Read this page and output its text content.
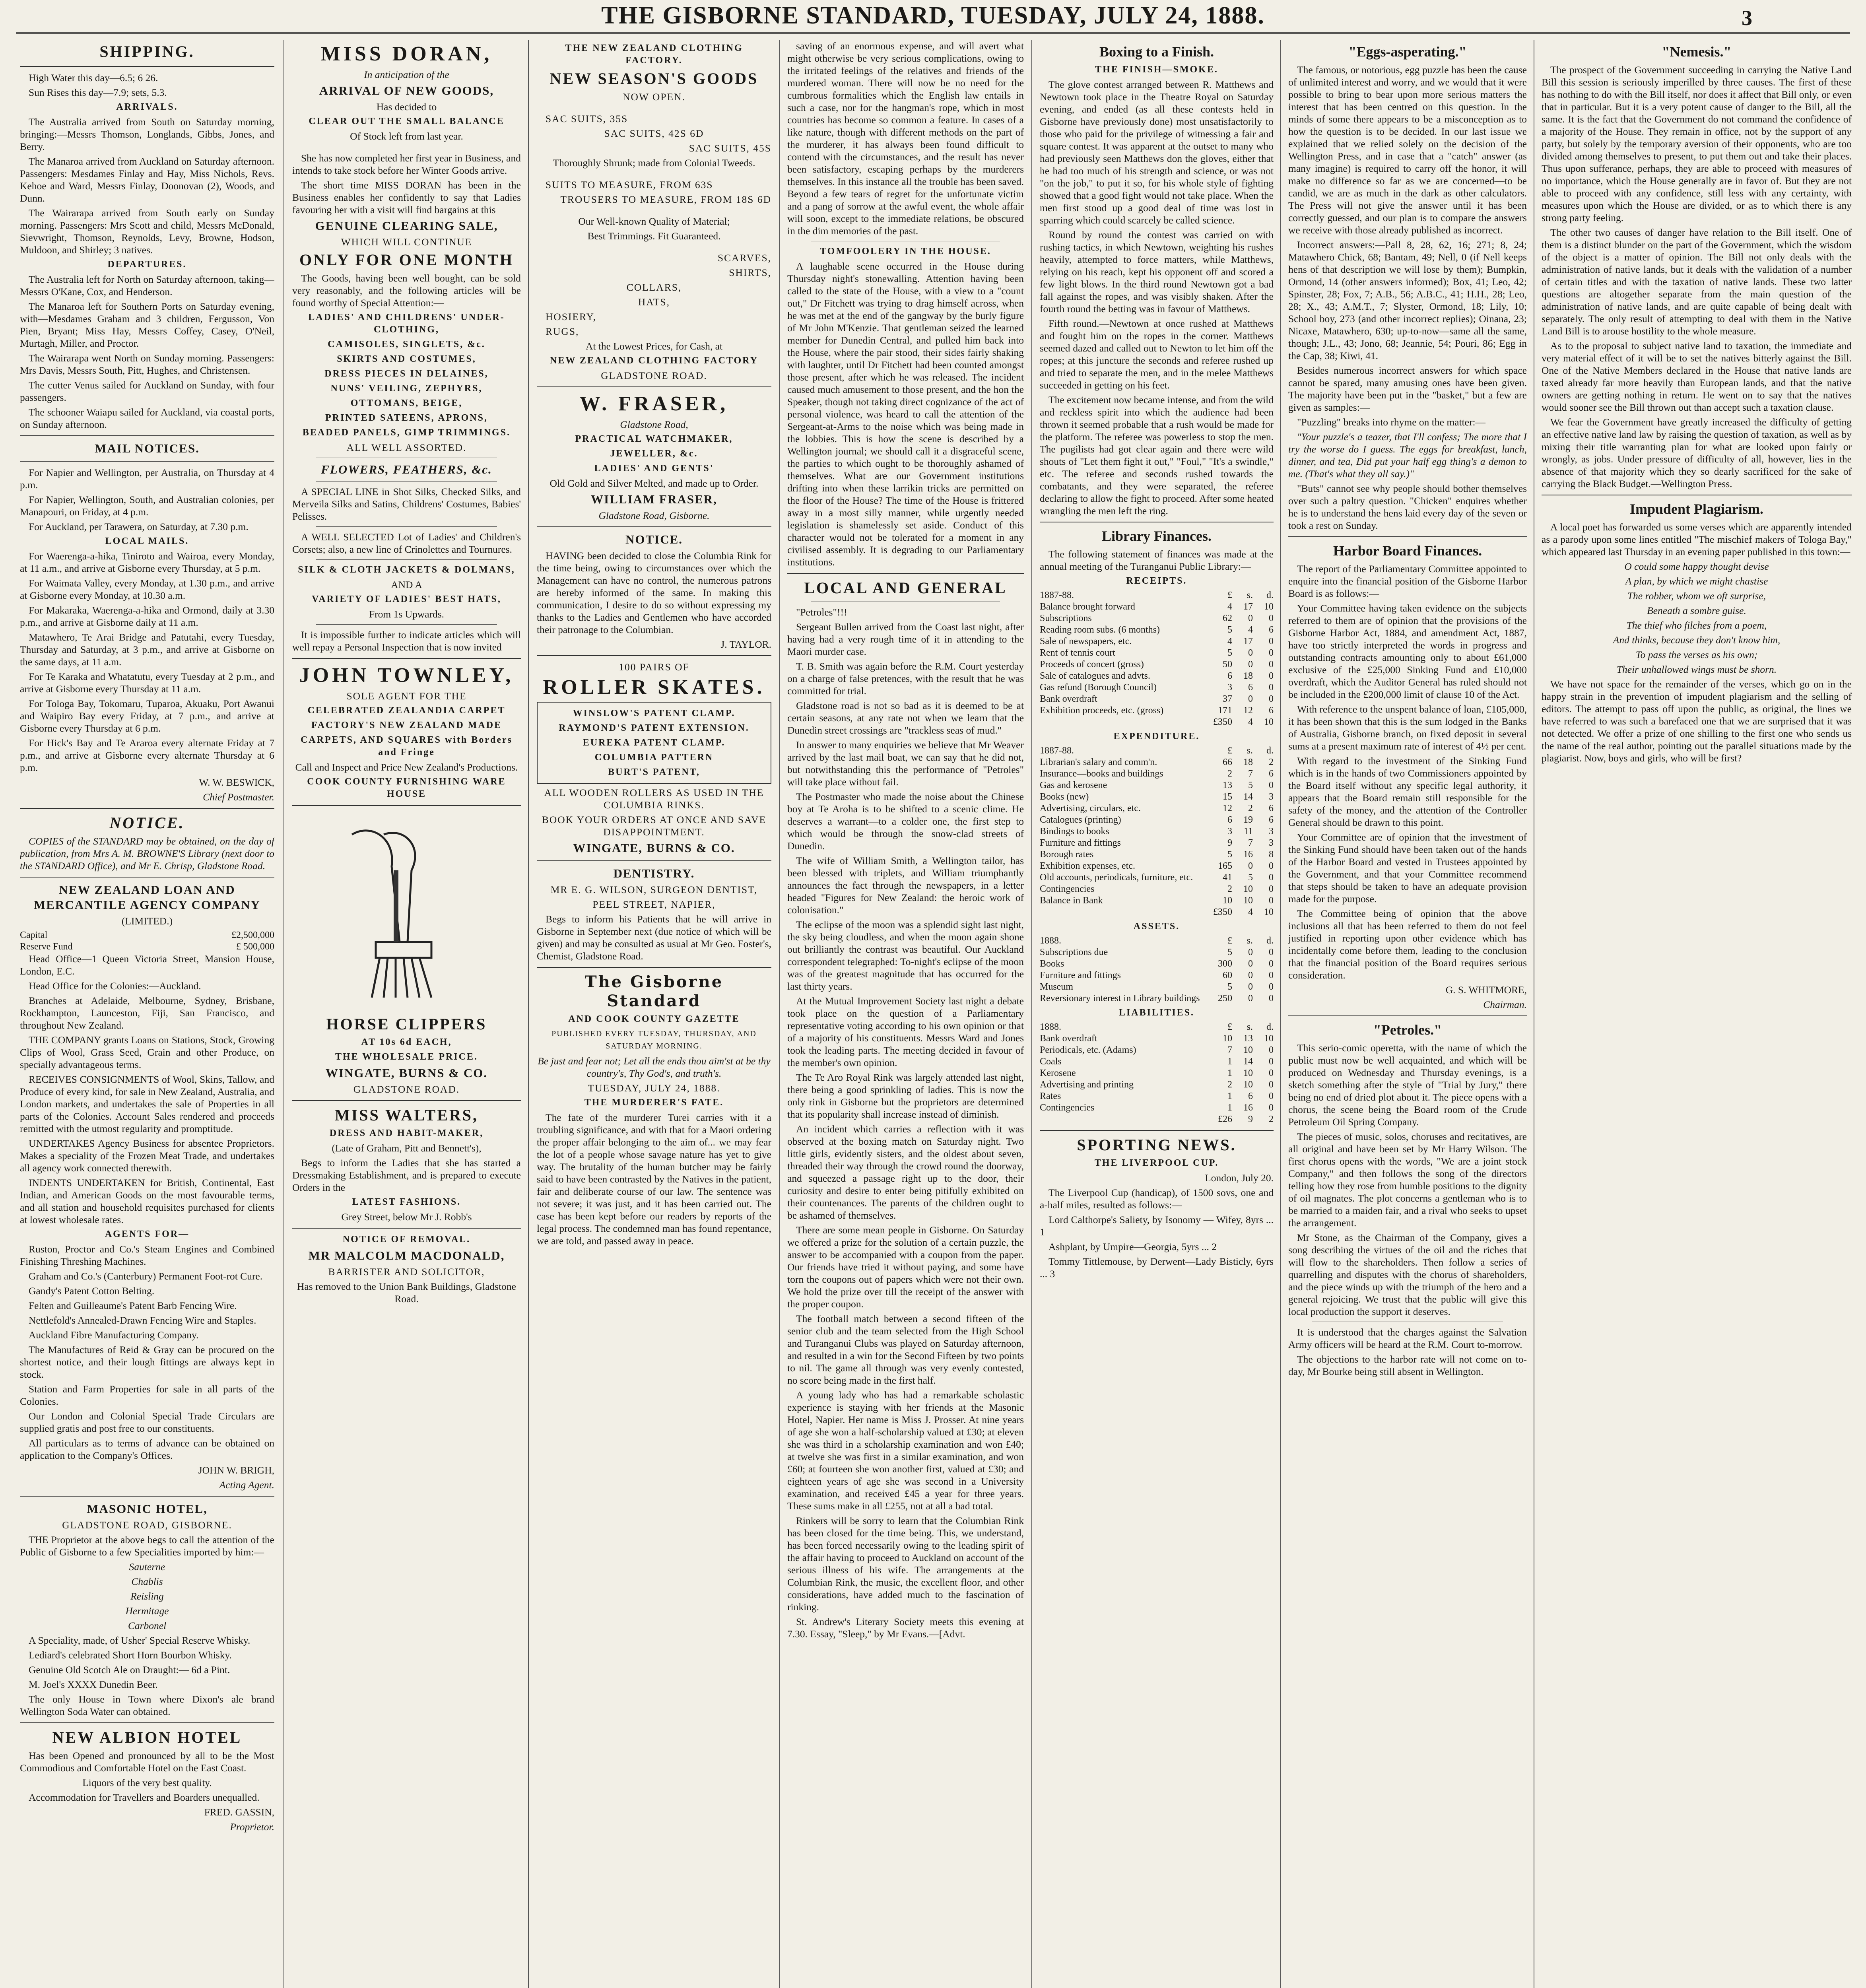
THE GISBORNE STANDARD, TUESDAY, JULY 24, 1888.	3
SHIPPING.

High Water this day—6.5; 6 26.

Sun Rises this day—7.9; sets, 5.3.

ARRIVALS.

The Australia arrived from South on Saturday morning, bringing:—Messrs Thomson, Longlands, Gibbs, Jones, and Berry.

The Manaroa arrived from Auckland on Saturday afternoon. Passengers: Mesdames Finlay and Hay, Miss Nichols, Revs. Kehoe and Ward, Messrs Finlay, Doonovan (2), Woods, and Dunn.

The Wairarapa arrived from South early on Sunday morning. Passengers: Mrs Scott and child, Messrs McDonald, Sievwright, Thomson, Reynolds, Levy, Browne, Hodson, Muldoon, and Shirley; 3 natives.

DEPARTURES.

The Australia left for North on Saturday afternoon, taking—Messrs O'Kane, Cox, and Henderson.

The Manaroa left for Southern Ports on Saturday evening, with—Mesdames Graham and 3 children, Fergusson, Von Pien, Bryant; Miss Hay, Messrs Coffey, Casey, O'Neil, Murtagh, Miller, and Proctor.

The Wairarapa went North on Sunday morning. Passengers: Mrs Davis, Messrs South, Pitt, Hughes, and Christensen.

The cutter Venus sailed for Auckland on Sunday, with four passengers.

The schooner Waiapu sailed for Auckland, via coastal ports, on Sunday afternoon.

MAIL NOTICES.

For Napier and Wellington, per Australia, on Thursday at 4 p.m.

For Napier, Wellington, South, and Australian colonies, per Manapouri, on Friday, at 4 p.m.

For Auckland, per Tarawera, on Saturday, at 7.30 p.m.

LOCAL MAILS.

For Waerenga-a-hika, Tiniroto and Wairoa, every Monday, at 11 a.m., and arrive at Gisborne every Thursday, at 5 p.m.

For Waimata Valley, every Monday, at 1.30 p.m., and arrive at Gisborne every Monday, at 10.30 a.m.

For Makaraka, Waerenga-a-hika and Ormond, daily at 3.30 p.m., and arrive at Gisborne daily at 11 a.m.

Matawhero, Te Arai Bridge and Patutahi, every Tuesday, Thursday and Saturday, at 3 p.m., and arrive at Gisborne on the same days, at 11 a.m.

For Te Karaka and Whatatutu, every Tuesday at 2 p.m., and arrive at Gisborne every Thursday at 11 a.m.

For Tologa Bay, Tokomaru, Tuparoa, Akuaku, Port Awanui and Waipiro Bay every Friday, at 7 p.m., and arrive at Gisborne every Thursday at 6 p.m.

For Hick's Bay and Te Araroa every alternate Friday at 7 p.m., and arrive at Gisborne every alternate Thursday at 6 p.m.

W. W. BESWICK,

Chief Postmaster.

NOTICE.

COPIES of the STANDARD may be obtained, on the day of publication, from Mrs A. M. BROWNE'S Library (next door to the STANDARD Office), and Mr E. Chrisp, Gladstone Road.

NEW ZEALAND LOAN AND MERCANTILE AGENCY COMPANY

(LIMITED.)

Capital	£2,500,000
Reserve Fund	£ 500,000

Head Office—1 Queen Victoria Street, Mansion House, London, E.C.

Head Office for the Colonies:—Auckland.

Branches at Adelaide, Melbourne, Sydney, Brisbane, Rockhampton, Launceston, Fiji, San Francisco, and throughout New Zealand.

THE COMPANY grants Loans on Stations, Stock, Growing Clips of Wool, Grass Seed, Grain and other Produce, on specially advantageous terms.

RECEIVES CONSIGNMENTS of Wool, Skins, Tallow, and Produce of every kind, for sale in New Zealand, Australia, and London markets, and undertakes the sale of Properties in all parts of the Colonies. Account Sales rendered and proceeds remitted with the utmost regularity and promptitude.

UNDERTAKES Agency Business for absentee Proprietors. Makes a speciality of the Frozen Meat Trade, and undertakes all agency work connected therewith.

INDENTS UNDERTAKEN for British, Continental, East Indian, and American Goods on the most favourable terms, and all station and household requisites purchased for clients at lowest wholesale rates.

AGENTS FOR—

Ruston, Proctor and Co.'s Steam Engines and Combined Finishing Threshing Machines.

Graham and Co.'s (Canterbury) Permanent Foot-rot Cure.

Gandy's Patent Cotton Belting.

Felten and Guilleaume's Patent Barb Fencing Wire.

Nettlefold's Annealed-Drawn Fencing Wire and Staples.

Auckland Fibre Manufacturing Company.

The Manufactures of Reid & Gray can be procured on the shortest notice, and their lough fittings are always kept in stock.

Station and Farm Properties for sale in all parts of the Colonies.

Our London and Colonial Special Trade Circulars are supplied gratis and post free to our constituents.

All particulars as to terms of advance can be obtained on application to the Company's Offices.

JOHN W. BRIGH,

Acting Agent.

MASONIC HOTEL,

GLADSTONE ROAD, GISBORNE.

THE Proprietor at the above begs to call the attention of the Public of Gisborne to a few Specialities imported by him:—

Sauterne

Chablis

Reisling

Hermitage

Carbonel

A Speciality, made, of Usher' Special Reserve Whisky.

Lediard's celebrated Short Horn Bourbon Whisky.

Genuine Old Scotch Ale on Draught:— 6d a Pint.

M. Joel's XXXX Dunedin Beer.

The only House in Town where Dixon's ale brand Wellington Soda Water can obtained.

NEW ALBION HOTEL

Has been Opened and pronounced by all to be the Most Commodious and Comfortable Hotel on the East Coast.

Liquors of the very best quality.

Accommodation for Travellers and Boarders unequalled.

FRED. GASSIN,

Proprietor.

MISS DORAN,

In anticipation of the

ARRIVAL OF NEW GOODS,

Has decided to

CLEAR OUT THE SMALL BALANCE

Of Stock left from last year.

She has now completed her first year in Business, and intends to take stock before her Winter Goods arrive.

The short time MISS DORAN has been in the Business enables her confidently to say that Ladies favouring her with a visit will find bargains at this

GENUINE CLEARING SALE,

WHICH WILL CONTINUE

ONLY FOR ONE MONTH

The Goods, having been well bought, can be sold very reasonably, and the following articles will be found worthy of Special Attention:—

LADIES' AND CHILDRENS' UNDER-CLOTHING,
CAMISOLES, SINGLETS, &c.
SKIRTS AND COSTUMES,
DRESS PIECES IN DELAINES,
NUNS' VEILING, ZEPHYRS,
OTTOMANS, BEIGE,
PRINTED SATEENS, APRONS,
BEADED PANELS, GIMP TRIMMINGS.

ALL WELL ASSORTED.

FLOWERS, FEATHERS, &c.

A SPECIAL LINE in Shot Silks, Checked Silks, and Merveila Silks and Satins, Childrens' Costumes, Babies' Pelisses.

A WELL SELECTED Lot of Ladies' and Children's Corsets; also, a new line of Crinolettes and Tournures.

SILK & CLOTH JACKETS & DOLMANS,

AND A

VARIETY OF LADIES' BEST HATS,

From 1s Upwards.

It is impossible further to indicate articles which will well repay a Personal Inspection that is now invited

JOHN TOWNLEY,

SOLE AGENT FOR THE

CELEBRATED ZEALANDIA CARPET
FACTORY'S NEW ZEALAND MADE
CARPETS, AND SQUARES with Borders and Fringe

Call and Inspect and Price New Zealand's Productions.

COOK COUNTY FURNISHING WARE HOUSE
HORSE CLIPPERS
AT 10s 6d EACH,
THE WHOLESALE PRICE.
WINGATE, BURNS & CO.

GLADSTONE ROAD.

MISS WALTERS,
DRESS AND HABIT-MAKER,

(Late of Graham, Pitt and Bennett's),

Begs to inform the Ladies that she has started a Dressmaking Establishment, and is prepared to execute Orders in the

LATEST FASHIONS.

Grey Street, below Mr J. Robb's

NOTICE OF REMOVAL.
MR MALCOLM MACDONALD,

BARRISTER AND SOLICITOR,

Has removed to the Union Bank Buildings, Gladstone Road.

THE NEW ZEALAND CLOTHING FACTORY.
NEW SEASON'S GOODS

NOW OPEN.

SAC SUITS, 35S

SAC SUITS, 42S 6D

SAC SUITS, 45S

Thoroughly Shrunk; made from Colonial Tweeds.

SUITS TO MEASURE, FROM 63S

TROUSERS TO MEASURE, FROM 18S 6D

Our Well-known Quality of Material;

Best Trimmings. Fit Guaranteed.

SCARVES,

SHIRTS,

COLLARS,

HATS,

HOSIERY,

RUGS,

At the Lowest Prices, for Cash, at

NEW ZEALAND CLOTHING FACTORY

GLADSTONE ROAD.

W. FRASER,

Gladstone Road,

PRACTICAL WATCHMAKER,
JEWELLER, &c.
LADIES' AND GENTS'

Old Gold and Silver Melted, and made up to Order.

WILLIAM FRASER,

Gladstone Road, Gisborne.

NOTICE.

HAVING been decided to close the Columbia Rink for the time being, owing to circumstances over which the Management can have no control, the numerous patrons are hereby informed of the same. In making this communication, I desire to do so without expressing my thanks to the Ladies and Gentlemen who have accorded their patronage to the Columbian.

J. TAYLOR.

100 PAIRS OF

ROLLER SKATES.
WINSLOW'S PATENT CLAMP.
RAYMOND'S PATENT EXTENSION.
EUREKA PATENT CLAMP.
COLUMBIA PATTERN
BURT'S PATENT,

ALL WOODEN ROLLERS AS USED IN THE COLUMBIA RINKS.

BOOK YOUR ORDERS AT ONCE AND SAVE DISAPPOINTMENT.

WINGATE, BURNS & CO.
DENTISTRY.

MR E. G. WILSON, SURGEON DENTIST,

PEEL STREET, NAPIER,

Begs to inform his Patients that he will arrive in Gisborne in September next (due notice of which will be given) and may be consulted as usual at Mr Geo. Foster's, Chemist, Gladstone Road.

The Gisborne Standard
AND COOK COUNTY GAZETTE

PUBLISHED EVERY TUESDAY, THURSDAY, AND SATURDAY MORNING.

Be just and fear not; Let all the ends thou aim'st at be thy country's, Thy God's, and truth's.

TUESDAY, JULY 24, 1888.

THE MURDERER'S FATE.

The fate of the murderer Turei carries with it a troubling significance, and with that for a Maori ordering the proper affair belonging to the aim of... we may fear the lot of a people whose savage nature has yet to give way. The brutality of the human butcher may be fairly said to have been contrasted by the Natives in the patient, fair and deliberate course of our law. The sentence was not severe; it was just, and it has been carried out. The case has been kept before our readers by reports of the legal process. The condemned man has found repentance, we are told, and passed away in peace.

saving of an enormous expense, and will avert what might otherwise be very serious complications, owing to the irritated feelings of the relatives and friends of the murdered woman. There will now be no need for the cumbrous formalities which the English law entails in such a case, nor for the hangman's rope, which in most countries has become so common a feature. In cases of a like nature, though with different methods on the part of the murderer, it has always been found difficult to contend with the circumstances, and the result has never been satisfactory, escaping perhaps by the murderers themselves. In this instance all the trouble has been saved. Beyond a few tears of regret for the unfortunate victim and a pang of sorrow at the awful event, the whole affair will soon, except to the immediate relations, be obscured in the dim memories of the past.

TOMFOOLERY IN THE HOUSE.

A laughable scene occurred in the House during Thursday night's stonewalling. Attention having been called to the state of the House, with a view to a "count out," Dr Fitchett was trying to drag himself across, when he was met at the end of the gangway by the burly figure of Mr John M'Kenzie. That gentleman seized the learned member for Dunedin Central, and pulled him back into the House, where the pair stood, their sides fairly shaking with laughter, until Dr Fitchett had been counted amongst those present, after which he was released. The incident caused much amusement to those present, and the hon the Speaker, though not taking direct cognizance of the act of personal violence, was heard to call the attention of the Sergeant-at-Arms to the noise which was being made in the lobbies. This is how the scene is described by a Wellington journal; we should call it a disgraceful scene, the parties to which ought to be thoroughly ashamed of themselves. What are our Government institutions drifting into when these larrikin tricks are permitted on the floor of the House? The time of the House is frittered away in a most silly manner, while urgently needed legislation is shamelessly set aside. Conduct of this character would not be tolerated for a moment in any civilised assembly. It is degrading to our Parliamentary institutions.

LOCAL AND GENERAL

"Petroles"!!!

Sergeant Bullen arrived from the Coast last night, after having had a very rough time of it in attending to the Maori murder case.

T. B. Smith was again before the R.M. Court yesterday on a charge of false pretences, with the result that he was committed for trial.

Gladstone road is not so bad as it is deemed to be at certain seasons, at any rate not when we learn that the Dunedin street crossings are "trackless seas of mud."

In answer to many enquiries we believe that Mr Weaver arrived by the last mail boat, we can say that he did not, but notwithstanding this the performance of "Petroles" will take place without fail.

The Postmaster who made the noise about the Chinese boy at Te Aroha is to be shifted to a scenic clime. He deserves a warrant—to a colder one, the first step to which would be through the snow-clad streets of Dunedin.

The wife of William Smith, a Wellington tailor, has been blessed with triplets, and William triumphantly announces the fact through the newspapers, in a letter headed "Figures for New Zealand: the heroic work of colonisation."

The eclipse of the moon was a splendid sight last night, the sky being cloudless, and when the moon again shone out brilliantly the contrast was beautiful. Our Auckland correspondent telegraphed: To-night's eclipse of the moon was of the greatest magnitude that has occurred for the last thirty years.

At the Mutual Improvement Society last night a debate took place on the question of a Parliamentary representative voting according to his own opinion or that of a majority of his constituents. Messrs Ward and Jones took the leading parts. The meeting decided in favour of the member's own opinion.

The Te Aro Royal Rink was largely attended last night, there being a good sprinkling of ladies. This is now the only rink in Gisborne but the proprietors are determined that its popularity shall increase instead of diminish.

An incident which carries a reflection with it was observed at the boxing match on Saturday night. Two little girls, evidently sisters, and the oldest about seven, threaded their way through the crowd round the doorway, and squeezed a passage right up to the door, their curiosity and desire to enter being pitifully exhibited on their countenances. The parents of the children ought to be ashamed of themselves.

There are some mean people in Gisborne. On Saturday we offered a prize for the solution of a certain puzzle, the answer to be accompanied with a coupon from the paper. Our friends have tried it without paying, and some have torn the coupons out of papers which were not their own. We hold the prize over till the receipt of the answer with the proper coupon.

The football match between a second fifteen of the senior club and the team selected from the High School and Turanganui Clubs was played on Saturday afternoon, and resulted in a win for the Second Fifteen by two points to nil. The game all through was very evenly contested, no score being made in the first half.

A young lady who has had a remarkable scholastic experience is staying with her friends at the Masonic Hotel, Napier. Her name is Miss J. Prosser. At nine years of age she won a half-scholarship valued at £30; at eleven she was third in a scholarship examination and won £40; at twelve she was first in a similar examination, and won £60; at fourteen she won another first, valued at £30; and eighteen years of age she was second in a University examination, and received £45 a year for three years. These sums make in all £255, not at all a bad total.

Rinkers will be sorry to learn that the Columbian Rink has been closed for the time being. This, we understand, has been forced necessarily owing to the leading spirit of the affair having to proceed to Auckland on account of the serious illness of his wife. The arrangements at the Columbian Rink, the music, the excellent floor, and other considerations, have added much to the fascination of rinking.

St. Andrew's Literary Society meets this evening at 7.30. Essay, "Sleep," by Mr Evans.—[Advt.

Boxing to a Finish.
THE FINISH—SMOKE.

The glove contest arranged between R. Matthews and Newtown took place in the Theatre Royal on Saturday evening, and ended (as all these contests held in Gisborne have previously done) most unsatisfactorily to those who paid for the privilege of witnessing a fair and square contest. It was apparent at the outset to many who had previously seen Matthews don the gloves, either that he had too much of his strength and science, or was not "on the job," to put it so, for his whole style of fighting showed that a good fight would not take place. When the men first stood up a good deal of time was lost in sparring which could scarcely be called science.

Round by round the contest was carried on with rushing tactics, in which Newtown, weighting his rushes heavily, attempted to force matters, while Matthews, relying on his reach, kept his opponent off and scored a few light blows. In the third round Newtown got a bad fall against the ropes, and was visibly shaken. After the fourth round the betting was in favour of Matthews.

Fifth round.—Newtown at once rushed at Matthews and fought him on the ropes in the corner. Matthews seemed dazed and called out to Newton to let him off the ropes; at this juncture the seconds and referee rushed up and tried to separate the men, and in the melee Matthews succeeded in getting on his feet.

The excitement now became intense, and from the wild and reckless spirit into which the audience had been thrown it seemed probable that a rush would be made for the platform. The referee was powerless to stop the men. The pugilists had got clear again and there were wild shouts of "Let them fight it out," "Foul," "It's a swindle," etc. The referee and seconds rushed towards the combatants, and they were separated, the referee declaring to allow the fight to proceed. After some heated wrangling the men left the ring.

Library Finances.

The following statement of finances was made at the annual meeting of the Turanganui Public Library:—

RECEIPTS.
1887-88.	£	s.	d.
Balance brought forward	4	17	10
Subscriptions	62	0	0
Reading room subs. (6 months)	5	4	6
Sale of newspapers, etc.	4	17	0
Rent of tennis court	5	0	0
Proceeds of concert (gross)	50	0	0
Sale of catalogues and advts.	6	18	0
Gas refund (Borough Council)	3	6	0
Bank overdraft	37	0	0
Exhibition proceeds, etc. (gross)	171	12	6
	£350	4	10
EXPENDITURE.
1887-88.	£	s.	d.
Librarian's salary and comm'n.	66	18	2
Insurance—books and buildings	2	7	6
Gas and kerosene	13	5	0
Books (new)	15	14	3
Advertising, circulars, etc.	12	2	6
Catalogues (printing)	6	19	6
Bindings to books	3	11	3
Furniture and fittings	9	7	3
Borough rates	5	16	8
Exhibition expenses, etc.	165	0	0
Old accounts, periodicals, furniture, etc.	41	5	0
Contingencies	2	10	0
Balance in Bank	10	10	0
	£350	4	10
ASSETS.
1888.	£	s.	d.
Subscriptions due	5	0	0
Books	300	0	0
Furniture and fittings	60	0	0
Museum	5	0	0
Reversionary interest in Library buildings	250	0	0
LIABILITIES.
1888.	£	s.	d.
Bank overdraft	10	13	10
Periodicals, etc. (Adams)	7	10	0
Coals	1	14	0
Kerosene	1	10	0
Advertising and printing	2	10	0
Rates	1	6	0
Contingencies	1	16	0
	£26	9	2
SPORTING NEWS.
THE LIVERPOOL CUP.

London, July 20.

The Liverpool Cup (handicap), of 1500 sovs, one and a-half miles, resulted as follows:—

Lord Calthorpe's Saliety, by Isonomy — Wifey, 8yrs ... 1

Ashplant, by Umpire—Georgia, 5yrs ... 2

Tommy Tittlemouse, by Derwent—Lady Bisticly, 6yrs ... 3

"Eggs-asperating."

The famous, or notorious, egg puzzle has been the cause of unlimited interest and worry, and we would that it were possible to bring to bear upon more serious matters the interest that has been centred on this question. In the minds of some there appears to be a misconception as to how the question is to be decided. In our last issue we explained that we relied solely on the decision of the Wellington Press, and in case that a "catch" answer (as many imagine) is required to carry off the honor, it will make no difference so far as we are concerned—to be candid, we are as much in the dark as other calculators. The Press will not give the answer until it has been correctly guessed, and our plan is to compare the answers we receive with those already published as incorrect.

Incorrect answers:—Pall 8, 28, 62, 16; 271; 8, 24; Matawhero Chick, 68; Bantam, 49; Nell, 0 (if Nell keeps hens of that description we will lose by them); Bumpkin, Ormond, 14 (other answers informed); Box, 41; Leo, 42; Spinster, 28; Fox, 7; A.B., 56; A.B.C., 41; H.H., 28; Leo, 28; X., 43; A.M.T., 7; Slyster, Ormond, 18; Lily, 10; School boy, 273 (and other incorrect replies); Oinana, 23; Nicaxe, Matawhero, 630; up-to-now—same all the same, though; J.L., 43; Jono, 68; Jeannie, 54; Pouri, 86; Egg in the Cap, 38; Kiwi, 41.

Besides numerous incorrect answers for which space cannot be spared, many amusing ones have been given. The majority have been put in the "basket," but a few are given as samples:—

"Puzzling" breaks into rhyme on the matter:—

"Your puzzle's a teazer, that I'll confess; The more that I try the worse do I guess. The eggs for breakfast, lunch, dinner, and tea, Did put your half egg thing's a demon to me. (That's what they all say.)"

"Buts" cannot see why people should bother themselves over such a paltry question. "Chicken" enquires whether he is to understand the hens laid every day of the seven or took a rest on Sunday.

Harbor Board Finances.

The report of the Parliamentary Committee appointed to enquire into the financial position of the Gisborne Harbor Board is as follows:—

Your Committee having taken evidence on the subjects referred to them are of opinion that the provisions of the Gisborne Harbor Act, 1884, and amendment Act, 1887, have too strictly interpreted the words in progress and outstanding contracts amounting only to about £61,000 exclusive of the £25,000 Sinking Fund and £10,000 overdraft, which the Auditor General has ruled should not be included in the £200,000 limit of clause 10 of the Act.

With reference to the unspent balance of loan, £105,000, it has been shown that this is the sum lodged in the Banks of Australia, Gisborne branch, on fixed deposit in several sums at a present maximum rate of interest of 4½ per cent.

With regard to the investment of the Sinking Fund which is in the hands of two Commissioners appointed by the Board itself without any specific legal authority, it appears that the Board remain still responsible for the safety of the money, and the attention of the Controller General should be drawn to this point.

Your Committee are of opinion that the investment of the Sinking Fund should have been taken out of the hands of the Harbor Board and vested in Trustees appointed by the Government, and that your Committee recommend that steps should be taken to have an adequate provision made for the purpose.

The Committee being of opinion that the above inclusions all that has been referred to them do not feel justified in reporting upon other evidence which has incidentally come before them, leading to the conclusion that the financial position of the Board requires serious consideration.

G. S. WHITMORE,

Chairman.

"Petroles."

This serio-comic operetta, with the name of which the public must now be well acquainted, and which will be produced on Wednesday and Thursday evenings, is a sketch something after the style of "Trial by Jury," there being no end of dried plot about it. The piece opens with a chorus, the scene being the Board room of the Crude Petroleum Oil Spring Company.

The pieces of music, solos, choruses and recitatives, are all original and have been set by Mr Harry Wilson. The first chorus opens with the words, "We are a joint stock Company," and then follows the song of the directors telling how they rose from humble positions to the dignity of oil magnates. The plot concerns a gentleman who is to be married to a maiden fair, and a rival who seeks to upset the arrangement.

Mr Stone, as the Chairman of the Company, gives a song describing the virtues of the oil and the riches that will flow to the shareholders. Then follow a series of quarrelling and disputes with the chorus of shareholders, and the piece winds up with the triumph of the hero and a general rejoicing. We trust that the public will give this local production the support it deserves.

It is understood that the charges against the Salvation Army officers will be heard at the R.M. Court to-morrow.

The objections to the harbor rate will not come on to-day, Mr Bourke being still absent in Wellington.

"Nemesis."

The prospect of the Government succeeding in carrying the Native Land Bill this session is seriously imperilled by three causes. The first of these has nothing to do with the Bill itself, nor does it affect that Bill only, or even that in particular. But it is a very potent cause of danger to the Bill, all the same. It is the fact that the Government do not command the confidence of a majority of the House. They remain in office, not by the support of any party, but solely by the temporary aversion of their opponents, who are too divided among themselves to present, to put them out and take their places. Thus upon sufferance, perhaps, they are able to proceed with measures of no importance, which the House generally are in favor of. But they are not able to proceed with any confidence, still less with any certainty, with measures upon which the House are divided, or as to which there is any strong party feeling.

The other two causes of danger have relation to the Bill itself. One of them is a distinct blunder on the part of the Government, which the wisdom of the object is a matter of opinion. The Bill not only deals with the administration of native lands, but it deals with the validation of a number of certain titles and with the taxation of native lands. These two latter questions are altogether separate from the main question of the administration of native lands, and are quite capable of being dealt with separately. The only result of attempting to deal with them in the Native Land Bill is to arouse hostility to the whole measure.

As to the proposal to subject native land to taxation, the immediate and very material effect of it will be to set the natives bitterly against the Bill. One of the Native Members declared in the House that native lands are taxed already far more heavily than European lands, and that the native owners are getting nothing in return. He went on to say that the natives would sooner see the Bill thrown out than accept such a taxation clause.

We fear the Government have greatly increased the difficulty of getting an effective native land law by raising the question of taxation, as well as by mixing their title warranting plan for what are looked upon fairly or wrongly, as jobs. Under pressure of difficulty of all, however, lies in the absence of that majority which they so dearly sacrificed for the sake of carrying the Black Budget.—Wellington Press.

Impudent Plagiarism.

A local poet has forwarded us some verses which are apparently intended as a parody upon some lines entitled "The mischief makers of Tologa Bay," which appeared last Thursday in an evening paper published in this town:—

O could some happy thought devise

A plan, by which we might chastise

The robber, whom we oft surprise,

Beneath a sombre guise.

The thief who filches from a poem,

And thinks, because they don't know him,

To pass the verses as his own;

Their unhallowed wings must be shorn.

We have not space for the remainder of the verses, which go on in the happy strain in the prevention of impudent plagiarism and the selling of editors. The attempt to pass off upon the public, as original, the lines we have referred to was such a barefaced one that we are surprised that it was not detected. We offer a prize of one shilling to the first one who sends us the name of the real author, pointing out the parallel situations made by the plagiarist. Now, boys and girls, who will be first?
